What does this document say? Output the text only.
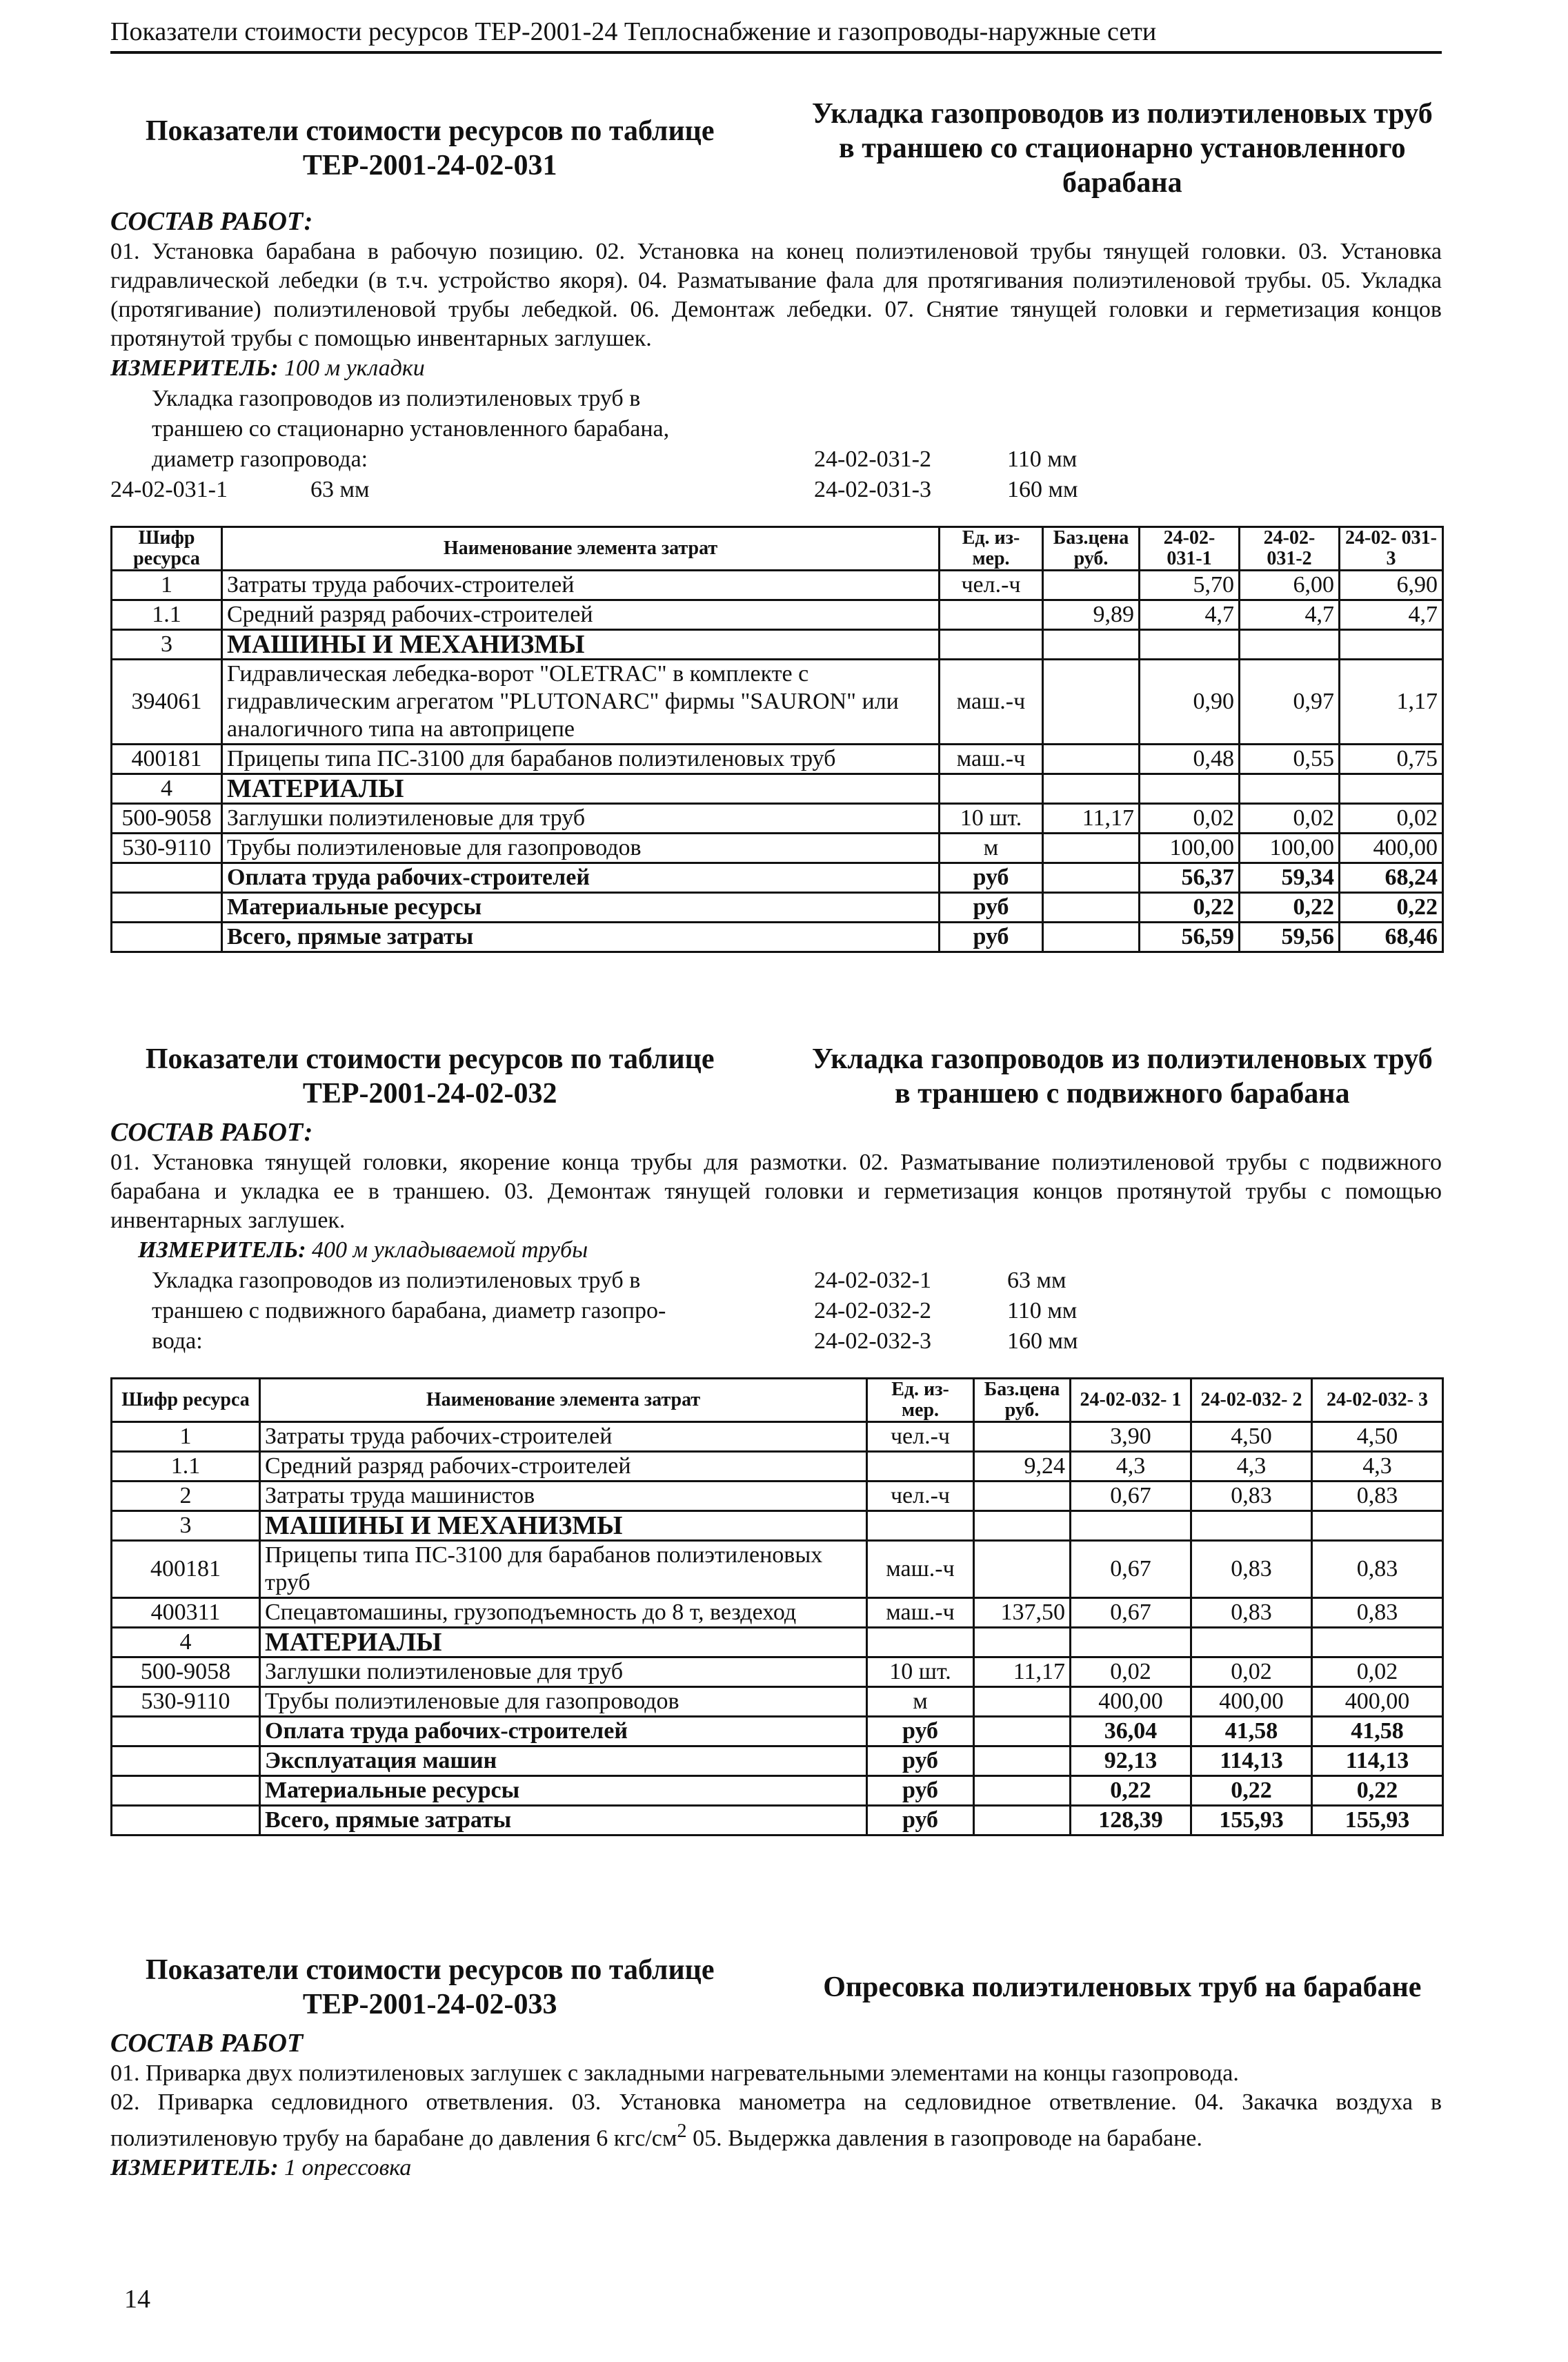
Показатели стоимости ресурсов ТЕР-2001-24 Теплоснабжение и газопроводы-наружные сети
Показатели стоимости ресурсов по таблице ТЕР-2001-24-02-031
Укладка газопроводов из полиэтиленовых труб в траншею со стационарно установленного барабана
СОСТАВ РАБОТ:
01. Установка барабана в рабочую позицию. 02. Установка на конец полиэтиленовой трубы тянущей головки. 03. Установка гидравлической лебедки (в т.ч. устройство якоря). 04. Разматывание фала для протягивания полиэтиленовой трубы. 05. Укладка (протягивание) полиэтиленовой трубы лебедкой. 06. Демонтаж лебедки. 07. Снятие тянущей головки и герметизация концов протянутой трубы с помощью инвентарных заглушек.
ИЗМЕРИТЕЛЬ: 100 м укладки
Укладка газопроводов из полиэтиленовых труб в
траншею со стационарно установленного барабана,
диаметр газопровода:
24-02-031-1	63 мм
24-02-031-2	110 мм
24-02-031-3	160 мм
Шифр ресурса	Наименование элемента затрат	Ед. из- мер.	Баз.цена руб.	24-02- 031-1	24-02- 031-2	24-02- 031-3
1	Затраты труда рабочих-строителей	чел.-ч		5,70	6,00	6,90
1.1	Средний разряд рабочих-строителей		9,89	4,7	4,7	4,7
3	МАШИНЫ И МЕХАНИЗМЫ					
394061	Гидравлическая лебедка-ворот "OLETRAC" в комплекте с гидравлическим агрегатом "PLUTONARC" фирмы "SAURON" или аналогичного типа на автоприцепе	маш.-ч		0,90	0,97	1,17
400181	Прицепы типа ПС-3100 для барабанов полиэтиленовых труб	маш.-ч		0,48	0,55	0,75
4	МАТЕРИАЛЫ					
500-9058	Заглушки полиэтиленовые для труб	10 шт.	11,17	0,02	0,02	0,02
530-9110	Трубы полиэтиленовые для газопроводов	м		100,00	100,00	400,00
	Оплата труда рабочих-строителей	руб		56,37	59,34	68,24
	Материальные ресурсы	руб		0,22	0,22	0,22
	Всего, прямые затраты	руб		56,59	59,56	68,46
Показатели стоимости ресурсов по таблице ТЕР-2001-24-02-032
Укладка газопроводов из полиэтиленовых труб в траншею с подвижного барабана
СОСТАВ РАБОТ:
01. Установка тянущей головки, якорение конца трубы для размотки. 02. Разматывание полиэтиленовой трубы с подвижного барабана и укладка ее в траншею. 03. Демонтаж тянущей головки и герметизация концов протянутой трубы с помощью инвентарных заглушек.
ИЗМЕРИТЕЛЬ: 400 м укладываемой трубы
Укладка газопроводов из полиэтиленовых труб в
траншею с подвижного барабана, диаметр газопро-
вода:
24-02-032-1	63 мм
24-02-032-2	110 мм
24-02-032-3	160 мм
Шифр ресурса	Наименование элемента затрат	Ед. из- мер.	Баз.цена руб.	24-02-032- 1	24-02-032- 2	24-02-032- 3
1	Затраты труда рабочих-строителей	чел.-ч		3,90	4,50	4,50
1.1	Средний разряд рабочих-строителей		9,24	4,3	4,3	4,3
2	Затраты труда машинистов	чел.-ч		0,67	0,83	0,83
3	МАШИНЫ И МЕХАНИЗМЫ					
400181	Прицепы типа ПС-3100 для барабанов полиэтиленовых труб	маш.-ч		0,67	0,83	0,83
400311	Спецавтомашины, грузоподъемность до 8 т, вездеход	маш.-ч	137,50	0,67	0,83	0,83
4	МАТЕРИАЛЫ					
500-9058	Заглушки полиэтиленовые для труб	10 шт.	11,17	0,02	0,02	0,02
530-9110	Трубы полиэтиленовые для газопроводов	м		400,00	400,00	400,00
	Оплата труда рабочих-строителей	руб		36,04	41,58	41,58
	Эксплуатация машин	руб		92,13	114,13	114,13
	Материальные ресурсы	руб		0,22	0,22	0,22
	Всего, прямые затраты	руб		128,39	155,93	155,93
Показатели стоимости ресурсов по таблице ТЕР-2001-24-02-033
Опресовка полиэтиленовых труб на барабане
СОСТАВ РАБОТ
01. Приварка двух полиэтиленовых заглушек с закладными нагревательными элементами на концы газопровода.
02. Приварка седловидного ответвления. 03. Установка манометра на седловидное ответвление. 04. Закачка воздуха в полиэтиленовую трубу на барабане до давления 6 кгс/$см^2$ 05. Выдержка давления в газопроводе на барабане.
ИЗМЕРИТЕЛЬ: 1 опрессовка
14
